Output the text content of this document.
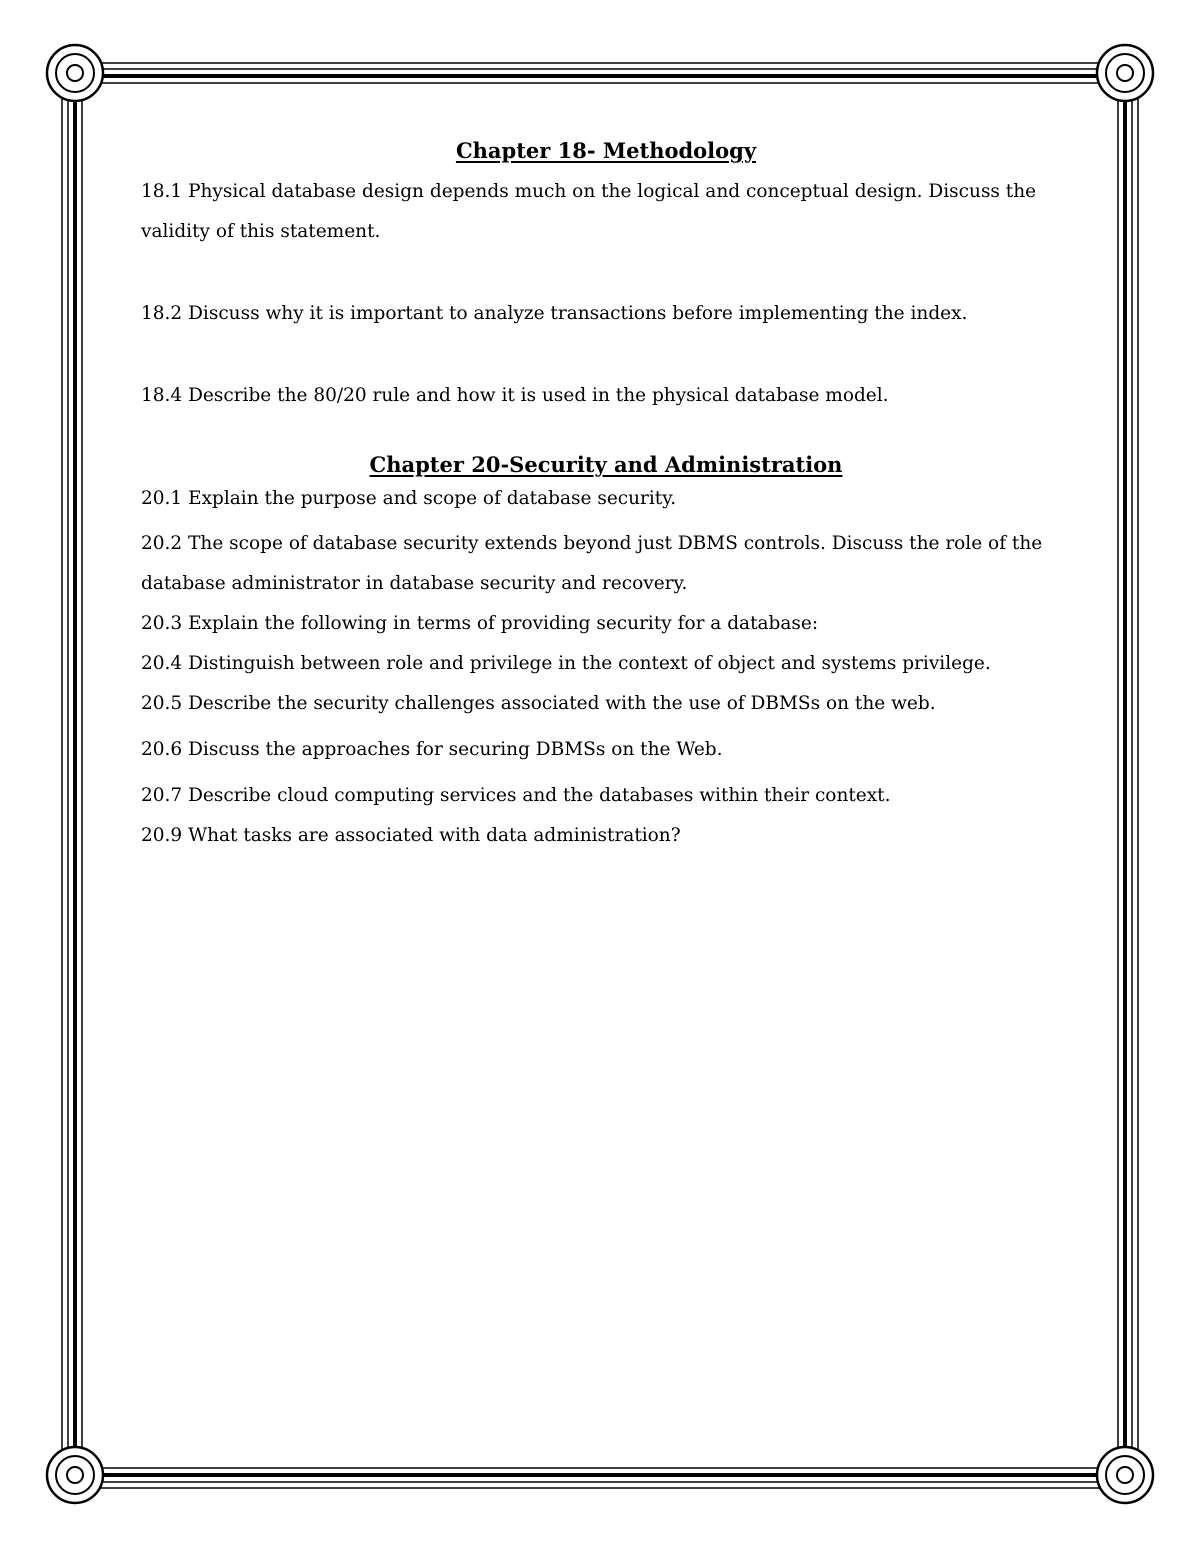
Chapter 18- Methodology

18.1 Physical database design depends much on the logical and conceptual design. Discuss the validity of this statement.

18.2 Discuss why it is important to analyze transactions before implementing the index.

18.4 Describe the 80/20 rule and how it is used in the physical database model.

Chapter 20-Security and Administration

20.1 Explain the purpose and scope of database security.

20.2 The scope of database security extends beyond just DBMS controls. Discuss the role of the database administrator in database security and recovery.

20.3 Explain the following in terms of providing security for a database:

20.4 Distinguish between role and privilege in the context of object and systems privilege.

20.5 Describe the security challenges associated with the use of DBMSs on the web.

20.6 Discuss the approaches for securing DBMSs on the Web.

20.7 Describe cloud computing services and the databases within their context.

20.9 What tasks are associated with data administration?
